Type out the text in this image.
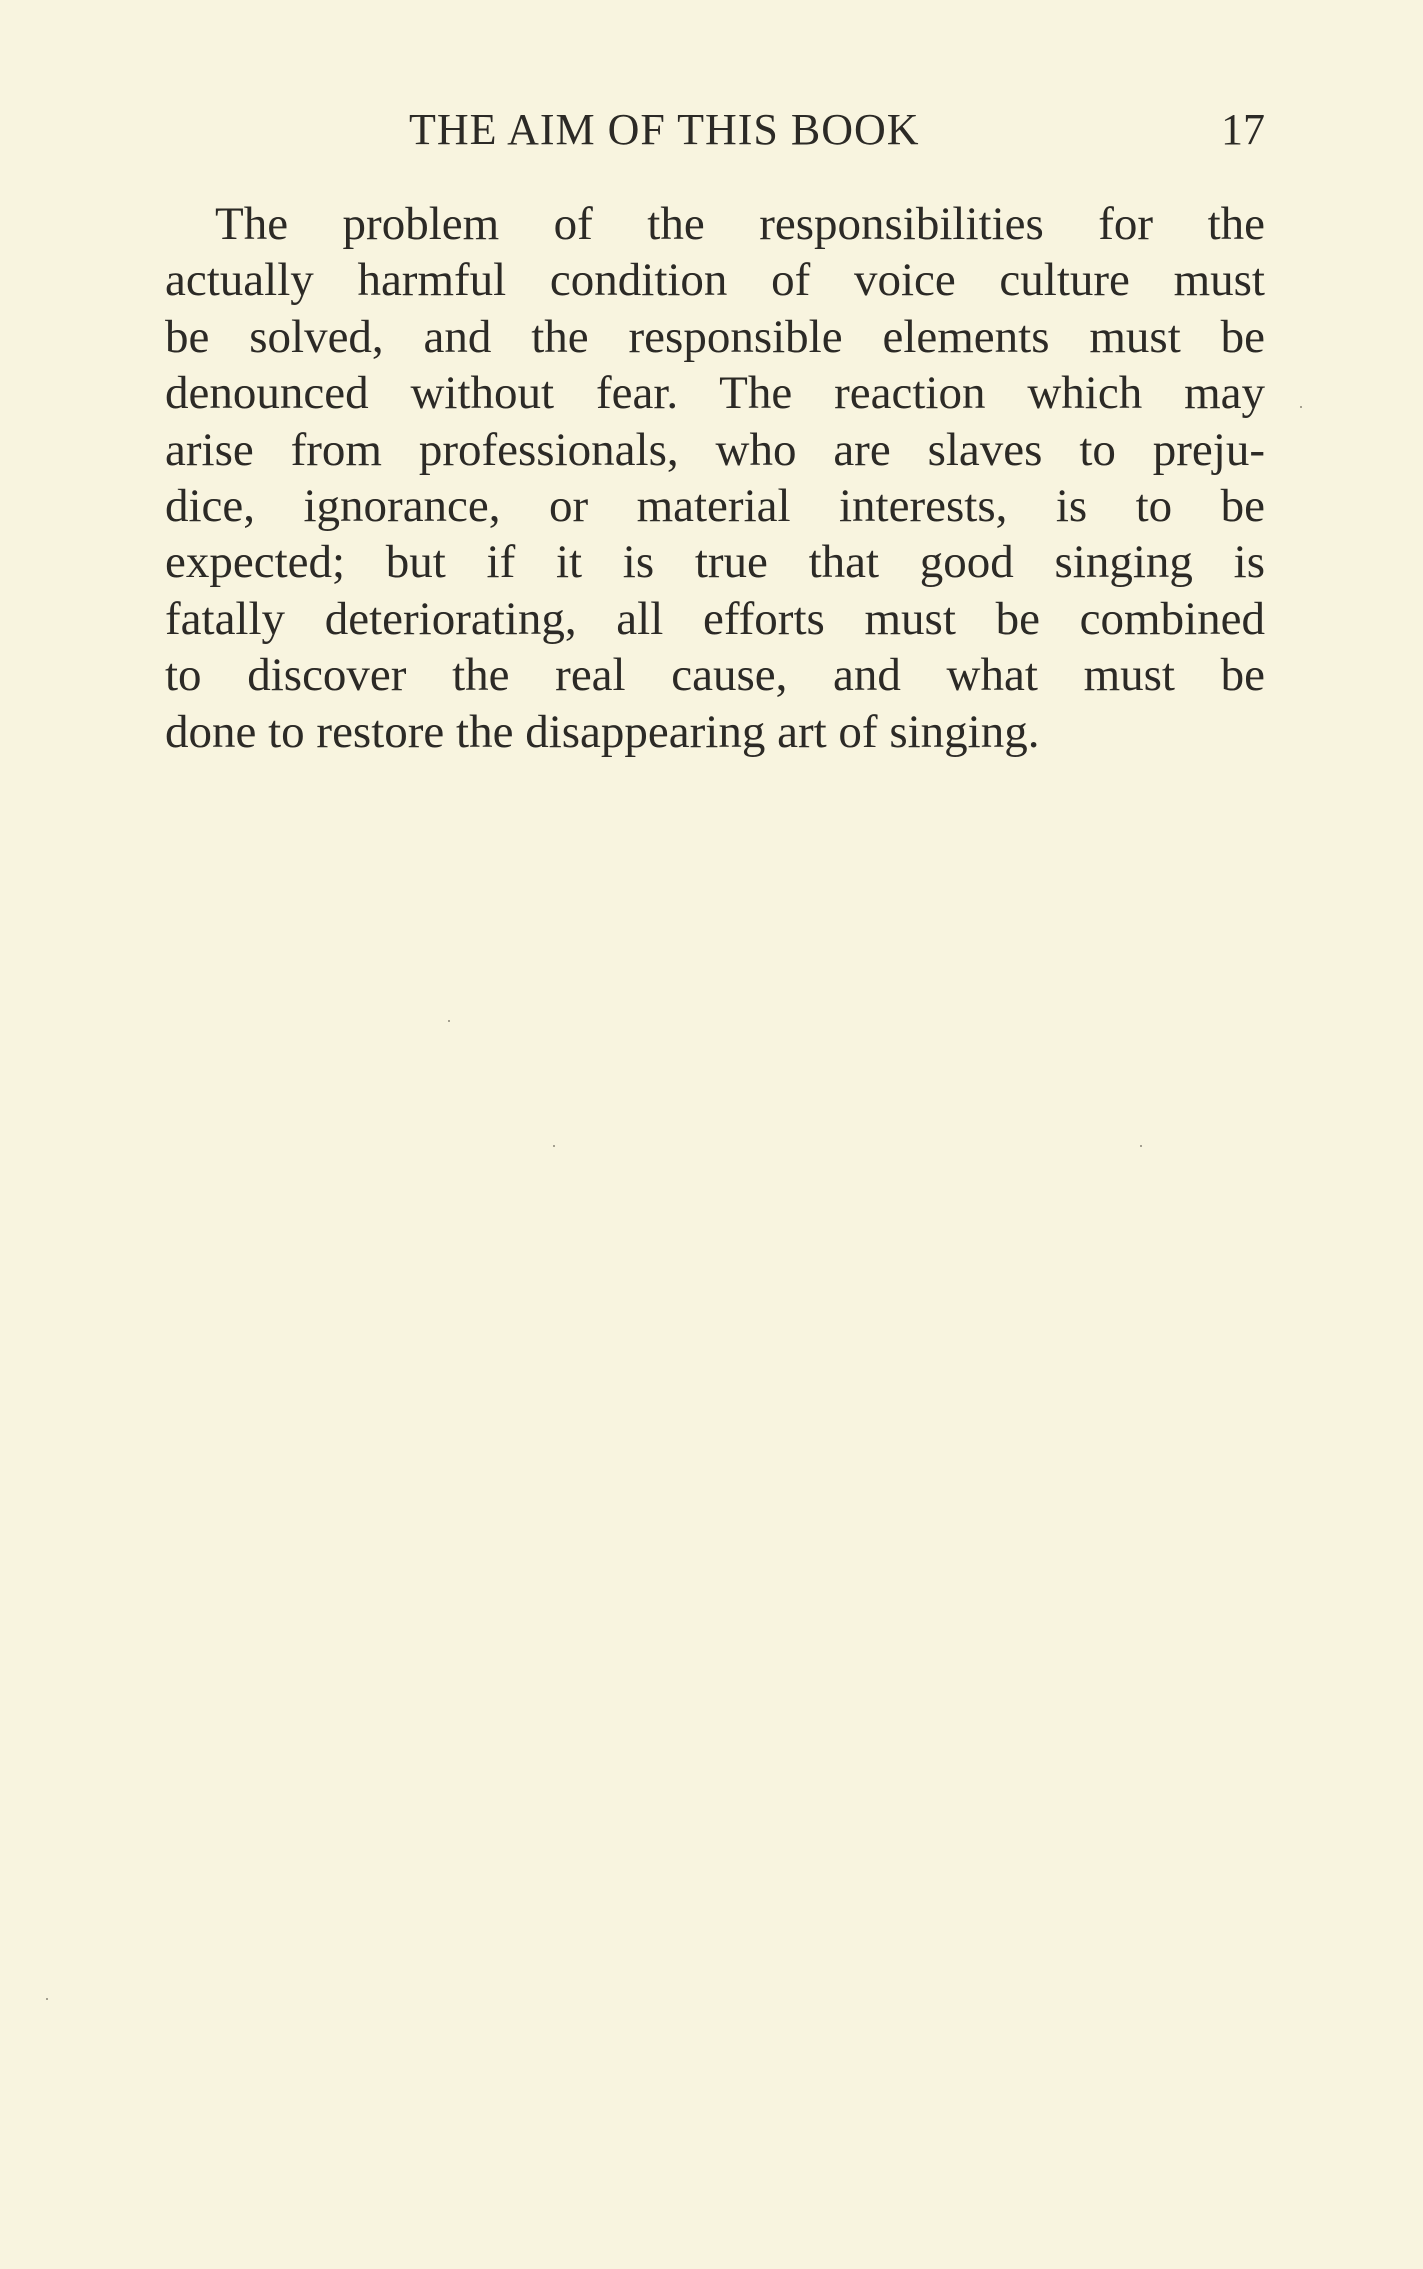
THE AIM OF THIS BOOK	17
The problem of the responsibilities for the
actually harmful condition of voice culture must
be solved, and the responsible elements must be
denounced without fear. The reaction which may
arise from professionals, who are slaves to preju-
dice, ignorance, or material interests, is to be
expected; but if it is true that good singing is
fatally deteriorating, all efforts must be combined
to discover the real cause, and what must be
done to restore the disappearing art of singing.
